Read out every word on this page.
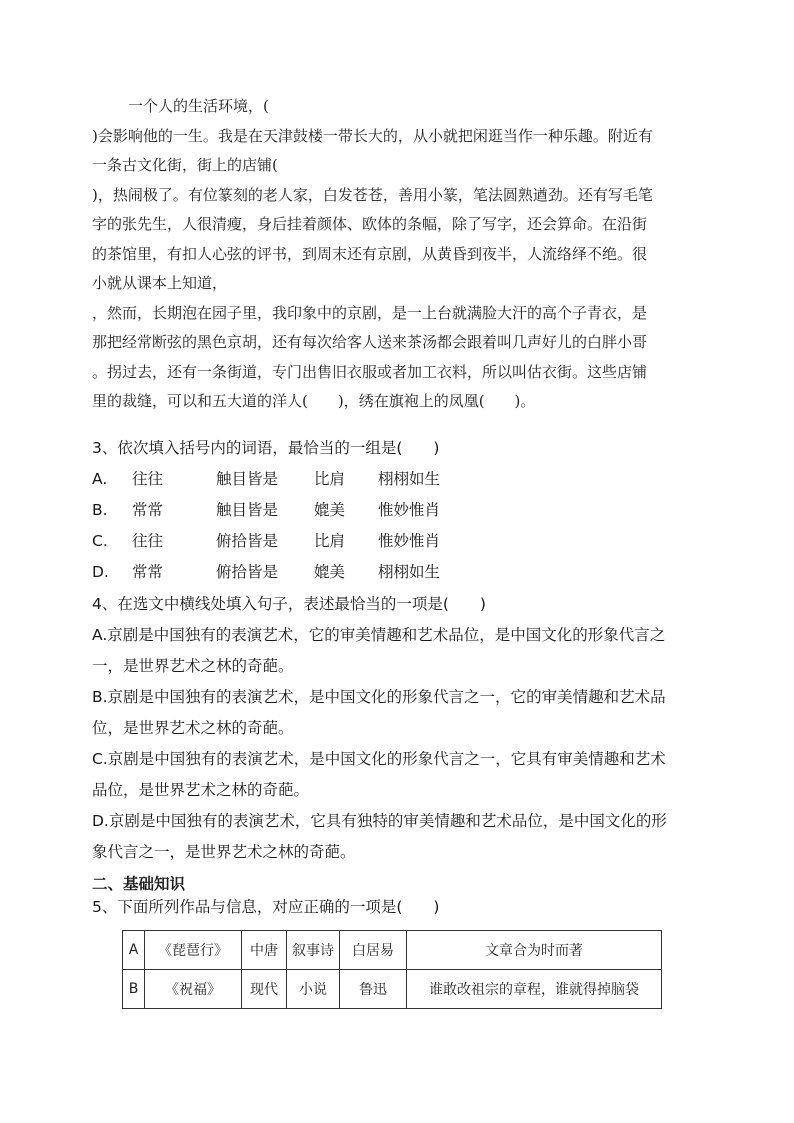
一个人的生活环境，(
)会影响他的一生。我是在天津鼓楼一带长大的，从小就把闲逛当作一种乐趣。附近有
一条古文化街，街上的店铺(
)，热闹极了。有位篆刻的老人家，白发苍苍，善用小篆，笔法圆熟遒劲。还有写毛笔
字的张先生，人很清瘦，身后挂着颜体、欧体的条幅，除了写字，还会算命。在沿街
的茶馆里，有扣人心弦的评书，到周末还有京剧，从黄昏到夜半，人流络绎不绝。很
小就从课本上知道，
，然而，长期泡在园子里，我印象中的京剧，是一上台就满脸大汗的高个子青衣，是
那把经常断弦的黑色京胡，还有每次给客人送来茶汤都会跟着叫几声好儿的白胖小哥
。拐过去，还有一条街道，专门出售旧衣服或者加工衣料，所以叫估衣街。这些店铺
里的裁缝，可以和五大道的洋人(　　)，绣在旗袍上的凤凰(　　)。
3、依次填入括号内的词语，最恰当的一组是(　　)
A.	往往	触目皆是	比肩	栩栩如生
B.	常常	触目皆是	媲美	惟妙惟肖
C.	往往	俯拾皆是	比肩	惟妙惟肖
D.	常常	俯拾皆是	媲美	栩栩如生
4、在选文中横线处填入句子，表述最恰当的一项是(　　)
A.京剧是中国独有的表演艺术，它的审美情趣和艺术品位，是中国文化的形象代言之
一，是世界艺术之林的奇葩。
B.京剧是中国独有的表演艺术，是中国文化的形象代言之一，它的审美情趣和艺术品
位，是世界艺术之林的奇葩。
C.京剧是中国独有的表演艺术，是中国文化的形象代言之一，它具有审美情趣和艺术
品位，是世界艺术之林的奇葩。
D.京剧是中国独有的表演艺术，它具有独特的审美情趣和艺术品位，是中国文化的形
象代言之一，是世界艺术之林的奇葩。
二、基础知识
5、下面所列作品与信息，对应正确的一项是(　　)
A	《琵琶行》	中唐	叙事诗	白居易	文章合为时而著
B	《祝福》	现代	小说	鲁迅	谁敢改祖宗的章程，谁就得掉脑袋
